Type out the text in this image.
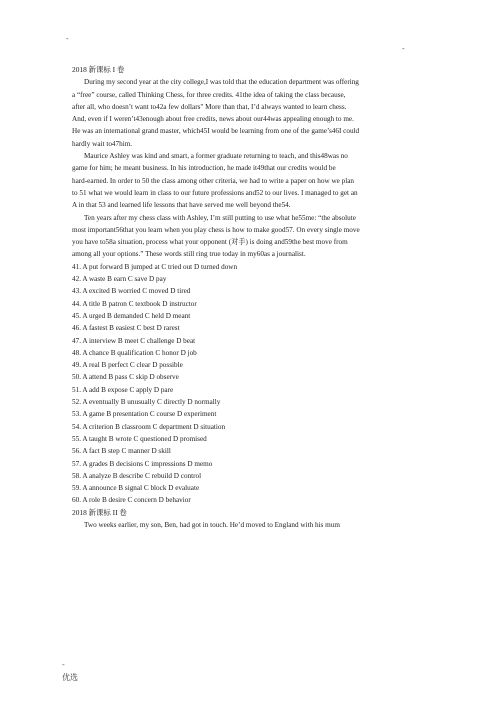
-
-
2018 新课标 I 卷
During my second year at the city college,I was told that the education department was offering
a “free” course, called Thinking Chess, for three credits. 41the idea of taking the class because,
after all, who doesn’t want to42a few dollars" More than that, I’d always wanted to learn chess.
And, even if I weren’t43enough about free credits, news about our44was appealing enough to me.
He was an international grand master, which45I would be learning from one of the game’s46I could
hardly wait to47him.
Maurice Ashley was kind and smart, a former graduate returning to teach, and this48was no
game for him; he meant business. In his introduction, he made it49that our credits would be
hard-earned. In order to 50 the class among other criteria, we had to write a paper on how we plan
to 51 what we would learn in class to our future professions and52 to our lives. I managed to get an
A in that 53 and learned life lessons that have served me well beyond the54.
Ten years after my chess class with Ashley, I’m still putting to use what he55me: “the absolute
most important56that you learn when you play chess is how to make good57. On every single move
you have to58a situation, process what your opponent (对手) is doing and59the best move from
among all your options.” These words still ring true today in my60as a journalist.
41. A put forward B jumped at C tried out D turned down
42. A waste B earn C save D pay
43. A excited B worried C moved D tired
44. A title B patron C textbook D instructor
45. A urged B demanded C held D meant
46. A fastest B easiest C best D rarest
47. A interview B meet C challenge D beat
48. A chance B qualification C honor D job
49. A real B perfect C clear D possible
50. A attend B pass C skip D observe
51. A add B expose C apply D pare
52. A eventually B unusually C directly D normally
53. A game B presentation C course D experiment
54. A criterion B classroom C department D situation
55. A taught B wrote C questioned D promised
56. A fact B step C manner D skill
57. A grades B decisions C impressions D memo
58. A analyze B describe C rebuild D control
59. A announce B signal C block D evaluate
60. A role B desire C concern D behavior
2018 新课标 II 卷
Two weeks earlier, my son, Ben, had got in touch. He’d moved to England with his mum
-
优选
